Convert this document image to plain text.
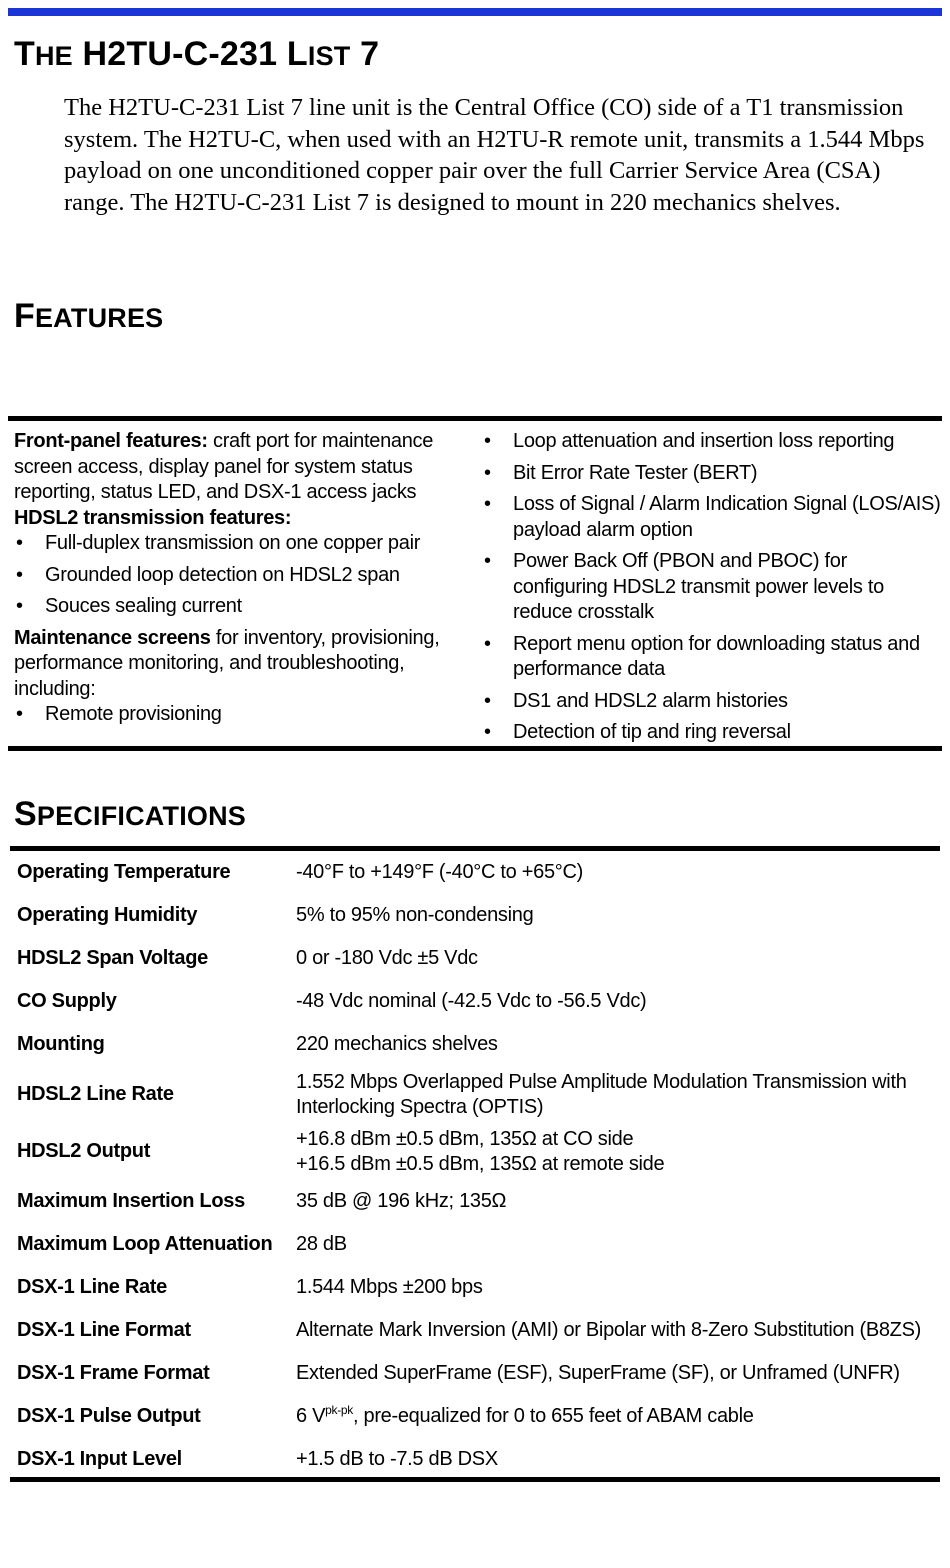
THE H2TU-C-231 LIST 7
The H2TU-C-231 List 7 line unit is the Central Office (CO) side of a T1 transmission system. The H2TU-C, when used with an H2TU-R remote unit, transmits a 1.544 Mbps payload on one unconditioned copper pair over the full Carrier Service Area (CSA) range. The H2TU-C-231 List 7 is designed to mount in 220 mechanics shelves.
FEATURES

Front-panel features: craft port for maintenance screen access, display panel for system status reporting, status LED, and DSX-1 access jacks

HDSL2 transmission features:

• Full-duplex transmission on one copper pair
• Grounded loop detection on HDSL2 span
• Souces sealing current

Maintenance screens for inventory, provisioning, performance monitoring, and troubleshooting, including:

• Remote provisioning
• Loop attenuation and insertion loss reporting
• Bit Error Rate Tester (BERT)
• Loss of Signal / Alarm Indication Signal (LOS/AIS) payload alarm option
• Power Back Off (PBON and PBOC) for configuring HDSL2 transmit power levels to reduce crosstalk
• Report menu option for downloading status and performance data
• DS1 and HDSL2 alarm histories
• Detection of tip and ring reversal
SPECIFICATIONS
Operating Temperature	-40°F to +149°F (-40°C to +65°C)
Operating Humidity	5% to 95% non-condensing
HDSL2 Span Voltage	0 or -180 Vdc ±5 Vdc
CO Supply	-48 Vdc nominal (-42.5 Vdc to -56.5 Vdc)
Mounting	220 mechanics shelves
HDSL2 Line Rate	1.552 Mbps Overlapped Pulse Amplitude Modulation Transmission with
Interlocking Spectra (OPTIS)
HDSL2 Output	+16.8 dBm ±0.5 dBm, 135Ω at CO side
+16.5 dBm ±0.5 dBm, 135Ω at remote side
Maximum Insertion Loss	35 dB @ 196 kHz; 135Ω
Maximum Loop Attenuation	28 dB
DSX-1 Line Rate	1.544 Mbps ±200 bps
DSX-1 Line Format	Alternate Mark Inversion (AMI) or Bipolar with 8-Zero Substitution (B8ZS)
DSX-1 Frame Format	Extended SuperFrame (ESF), SuperFrame (SF), or Unframed (UNFR)
DSX-1 Pulse Output	6 $V^{pk-pk}$, pre-equalized for 0 to 655 feet of ABAM cable
DSX-1 Input Level	+1.5 dB to -7.5 dB DSX
